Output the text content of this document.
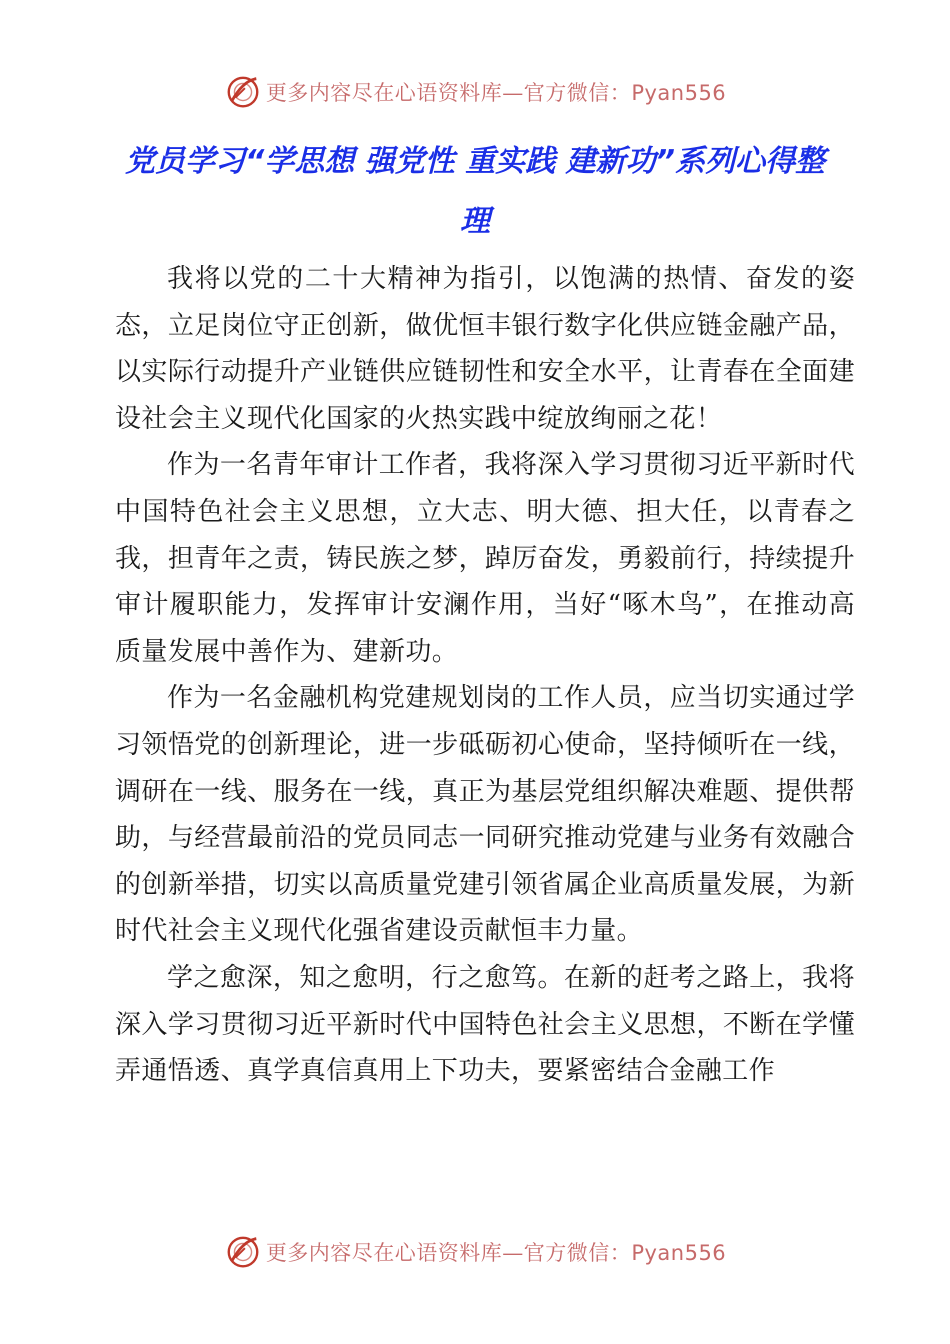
更多内容尽在心语资料库—官方微信：Pyan556
党员学习“学思想 强党性 重实践 建新功”系列心得整理

我将以党的二十大精神为指引，以饱满的热情、奋发的姿态，立足岗位守正创新，做优恒丰银行数字化供应链金融产品，以实际行动提升产业链供应链韧性和安全水平，让青春在全面建设社会主义现代化国家的火热实践中绽放绚丽之花！

作为一名青年审计工作者，我将深入学习贯彻习近平新时代中国特色社会主义思想，立大志、明大德、担大任，以青春之我，担青年之责，铸民族之梦，踔厉奋发，勇毅前行，持续提升审计履职能力，发挥审计安澜作用，当好“啄木鸟”，在推动高质量发展中善作为、建新功。

作为一名金融机构党建规划岗的工作人员，应当切实通过学习领悟党的创新理论，进一步砥砺初心使命，坚持倾听在一线，调研在一线、服务在一线，真正为基层党组织解决难题、提供帮助，与经营最前沿的党员同志一同研究推动党建与业务有效融合的创新举措，切实以高质量党建引领省属企业高质量发展，为新时代社会主义现代化强省建设贡献恒丰力量。

学之愈深，知之愈明，行之愈笃。在新的赶考之路上，我将深入学习贯彻习近平新时代中国特色社会主义思想，不断在学懂弄通悟透、真学真信真用上下功夫，要紧密结合金融工作

更多内容尽在心语资料库—官方微信：Pyan556
